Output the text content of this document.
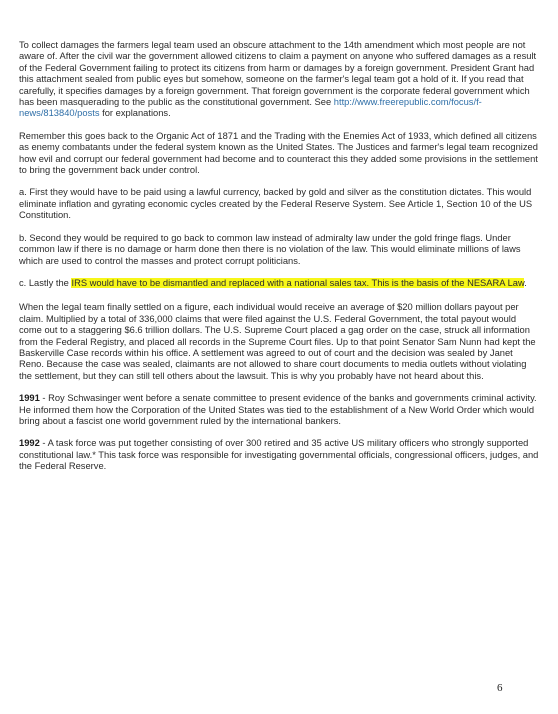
To collect damages the farmers legal team used an obscure attachment to the 14th amendment which most people are not aware of. After the civil war the government allowed citizens to claim a payment on anyone who suffered damages as a result of the Federal Government failing to protect its citizens from harm or damages by a foreign government. President Grant had this attachment sealed from public eyes but somehow, someone on the farmer's legal team got a hold of it. If you read that carefully, it specifies damages by a foreign government. That foreign government is the corporate federal government which has been masquerading to the public as the constitutional government. See http://www.freerepublic.com/focus/f-news/813840/posts for explanations.

Remember this goes back to the Organic Act of 1871 and the Trading with the Enemies Act of 1933, which defined all citizens as enemy combatants under the federal system known as the United States. The Justices and farmer's legal team recognized how evil and corrupt our federal government had become and to counteract this they added some provisions in the settlement to bring the government back under control.

a. First they would have to be paid using a lawful currency, backed by gold and silver as the constitution dictates. This would eliminate inflation and gyrating economic cycles created by the Federal Reserve System. See Article 1, Section 10 of the US Constitution.

b. Second they would be required to go back to common law instead of admiralty law under the gold fringe flags. Under common law if there is no damage or harm done then there is no violation of the law. This would eliminate millions of laws which are used to control the masses and protect corrupt politicians.

c. Lastly the IRS would have to be dismantled and replaced with a national sales tax. This is the basis of the NESARA Law.

When the legal team finally settled on a figure, each individual would receive an average of $20 million dollars payout per claim. Multiplied by a total of 336,000 claims that were filed against the U.S. Federal Government, the total payout would come out to a staggering $6.6 trillion dollars. The U.S. Supreme Court placed a gag order on the case, struck all information from the Federal Registry, and placed all records in the Supreme Court files. Up to that point Senator Sam Nunn had kept the Baskerville Case records within his office. A settlement was agreed to out of court and the decision was sealed by Janet Reno. Because the case was sealed, claimants are not allowed to share court documents to media outlets without violating the settlement, but they can still tell others about the lawsuit. This is why you probably have not heard about this.

1991 - Roy Schwasinger went before a senate committee to present evidence of the banks and governments criminal activity. He informed them how the Corporation of the United States was tied to the establishment of a New World Order which would bring about a fascist one world government ruled by the international bankers.

1992 - A task force was put together consisting of over 300 retired and 35 active US military officers who strongly supported constitutional law.* This task force was responsible for investigating governmental officials, congressional officers, judges, and the Federal Reserve.

6
